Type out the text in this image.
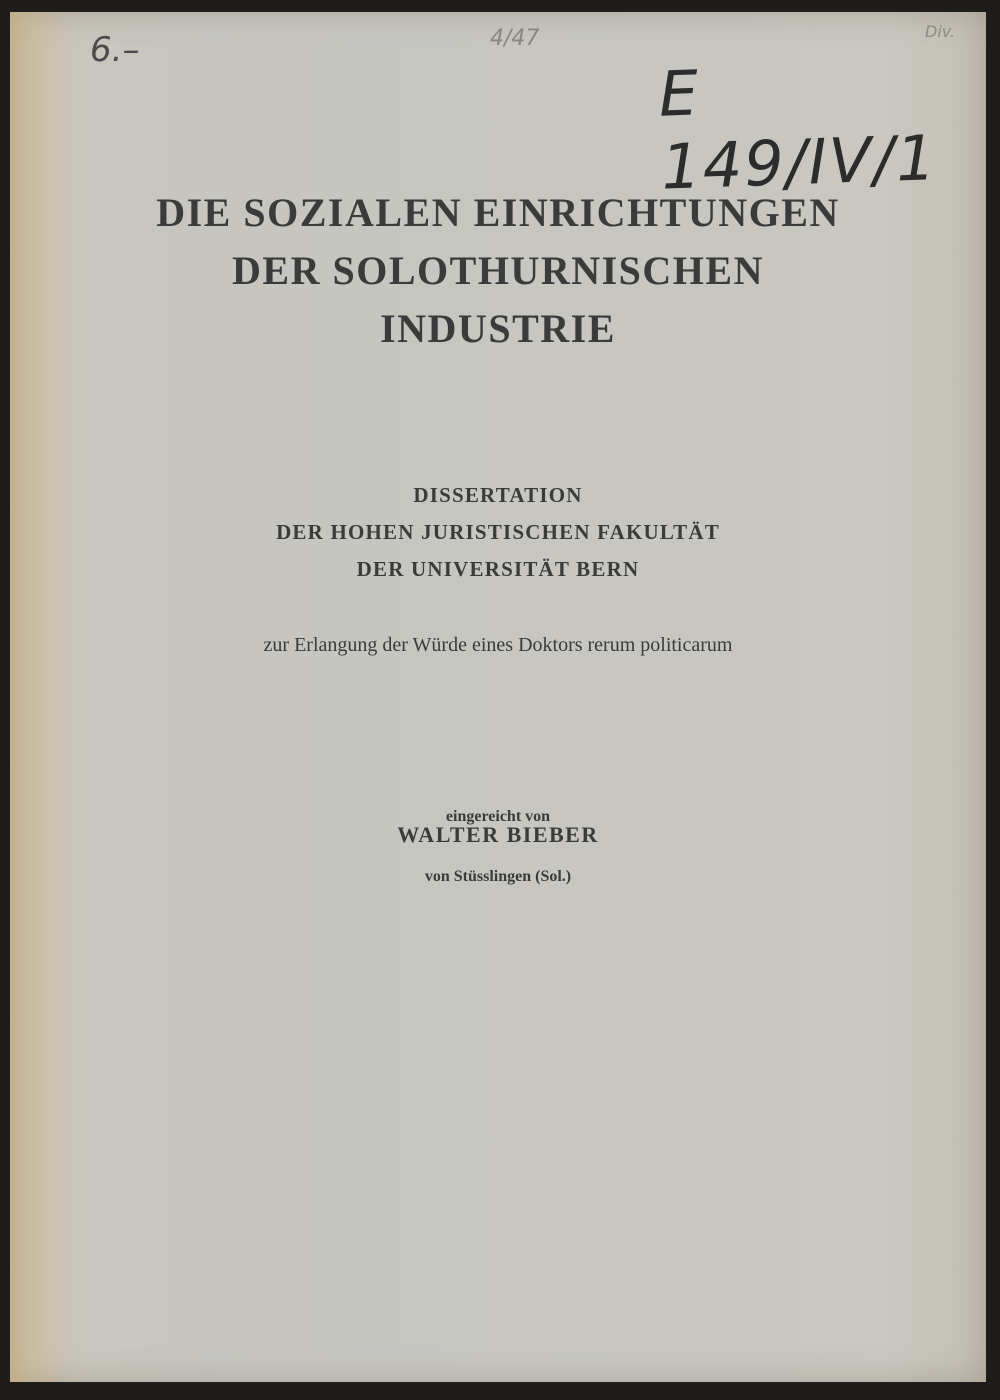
6.–	4/47	Div.
E 149/IV/1
DIE SOZIALEN EINRICHTUNGEN
DER SOLOTHURNISCHEN
INDUSTRIE
DISSERTATION
DER HOHEN JURISTISCHEN FAKULTÄT
DER UNIVERSITÄT BERN
zur Erlangung der Würde eines Doktors rerum politicarum
eingereicht von
WALTER BIEBER
von Stüsslingen (Sol.)
